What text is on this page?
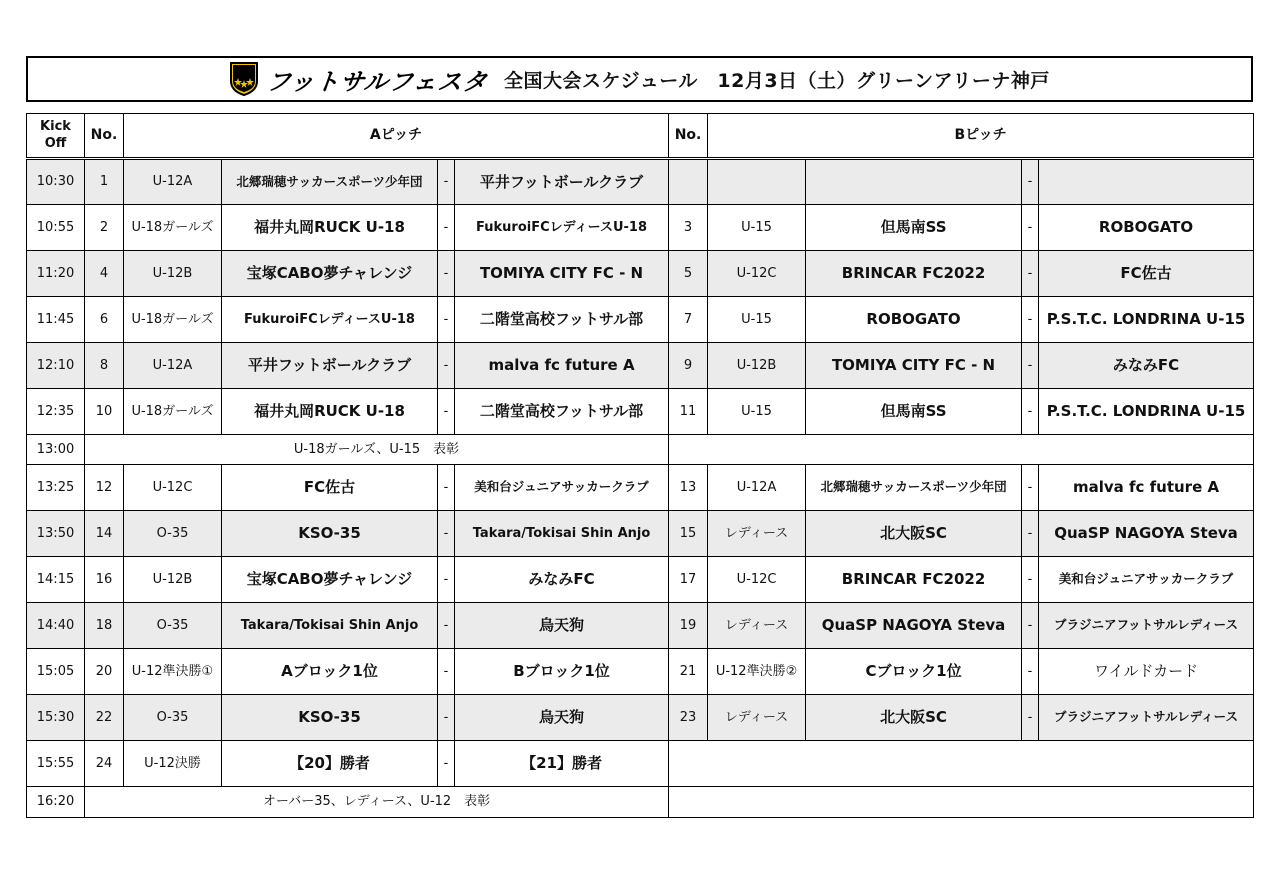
フットサルフェスタ 全国大会スケジュール　12月3日（土）グリーンアリーナ神戸
Kick Off	No.	Aピッチ				No.	Bピッチ			
10:30	1	U-12A	北郷瑞穂サッカースポーツ少年団	-	平井フットボールクラブ				-	
10:55	2	U-18ガールズ	福井丸岡RUCK U-18	-	FukuroiFCレディースU-18	3	U-15	但馬南SS	-	ROBOGATO
11:20	4	U-12B	宝塚CABO夢チャレンジ	-	TOMIYA CITY FC - N	5	U-12C	BRINCAR FC2022	-	FC佐古
11:45	6	U-18ガールズ	FukuroiFCレディースU-18	-	二階堂高校フットサル部	7	U-15	ROBOGATO	-	P.S.T.C. LONDRINA U-15
12:10	8	U-12A	平井フットボールクラブ	-	malva fc future A	9	U-12B	TOMIYA CITY FC - N	-	みなみFC
12:35	10	U-18ガールズ	福井丸岡RUCK U-18	-	二階堂高校フットサル部	11	U-15	但馬南SS	-	P.S.T.C. LONDRINA U-15
13:00	U-18ガールズ、U-15　表彰									
13:25	12	U-12C	FC佐古	-	美和台ジュニアサッカークラブ	13	U-12A	北郷瑞穂サッカースポーツ少年団	-	malva fc future A
13:50	14	O-35	KSO-35	-	Takara/Tokisai Shin Anjo	15	レディース	北大阪SC	-	QuaSP NAGOYA Steva
14:15	16	U-12B	宝塚CABO夢チャレンジ	-	みなみFC	17	U-12C	BRINCAR FC2022	-	美和台ジュニアサッカークラブ
14:40	18	O-35	Takara/Tokisai Shin Anjo	-	烏天狗	19	レディース	QuaSP NAGOYA Steva	-	ブラジニアフットサルレディース
15:05	20	U-12準決勝①	Aブロック1位	-	Bブロック1位	21	U-12準決勝②	Cブロック1位	-	ワイルドカード
15:30	22	O-35	KSO-35	-	烏天狗	23	レディース	北大阪SC	-	ブラジニアフットサルレディース
15:55	24	U-12決勝	【20】勝者	-	【21】勝者					
16:20	オーバー35、レディース、U-12　表彰									
